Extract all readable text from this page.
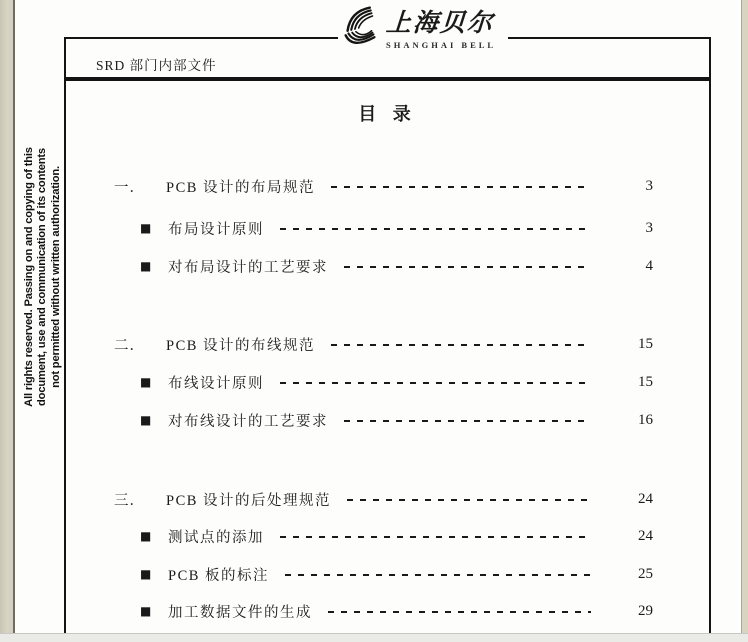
SRD 部门内部文件
上海贝尔
SHANGHAI BELL
All rights reserved. Passing on and copying of this document, use and communication of its contents not permitted without written authorization.
目 录
一．	PCB 设计的布局规范	3
■ 布局设计原则	3
■ 对布局设计的工艺要求	4
二．	PCB 设计的布线规范	15
■ 布线设计原则	15
■ 对布线设计的工艺要求	16
三．	PCB 设计的后处理规范	24
■ 测试点的添加	24
■ PCB 板的标注	25
■ 加工数据文件的生成	29
